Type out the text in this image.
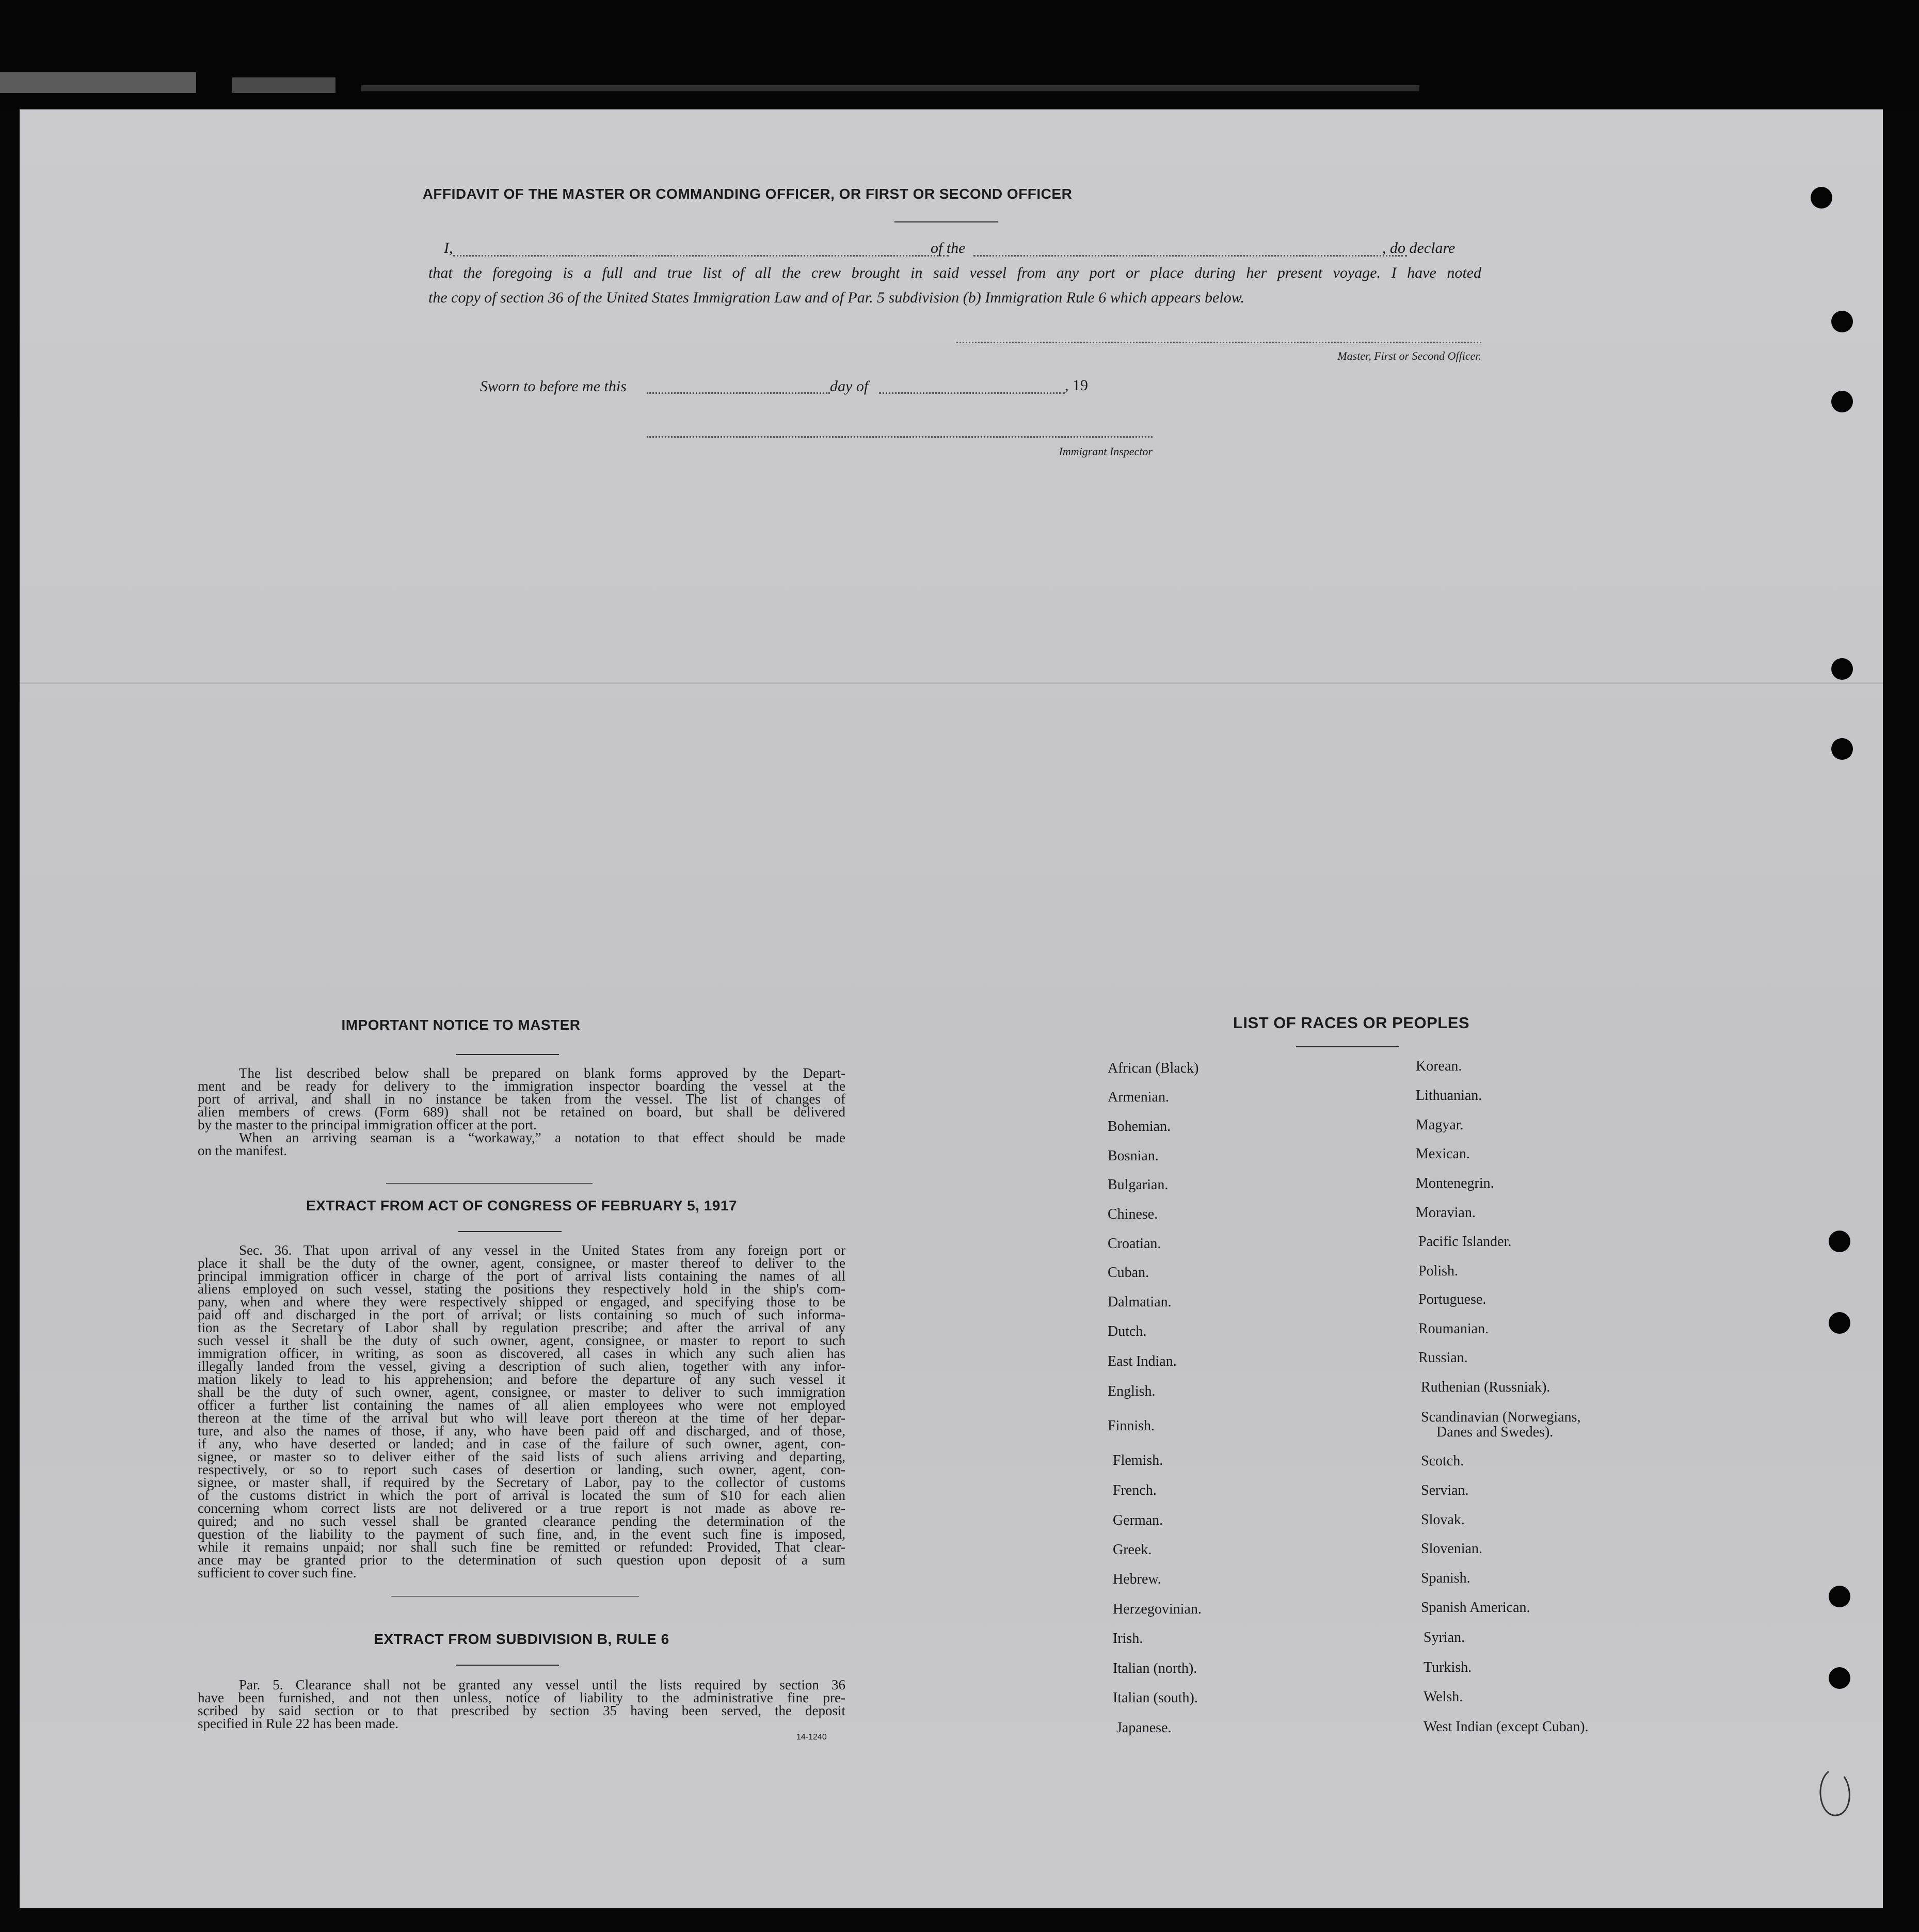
AFFIDAVIT OF THE MASTER OR COMMANDING OFFICER, OR FIRST OR SECOND OFFICER
I,	of the	, do declare
that the foregoing is a full and true list of all the crew brought in said vessel from any port or place during her present voyage. I have noted
the copy of section 36 of the United States Immigration Law and of Par. 5 subdivision (b) Immigration Rule 6 which appears below.
Master, First or Second Officer.
Sworn to before me this	day of	, 19
Immigrant Inspector
IMPORTANT NOTICE TO MASTER
The list described below shall be prepared on blank forms approved by the Depart-
ment and be ready for delivery to the immigration inspector boarding the vessel at the
port of arrival, and shall in no instance be taken from the vessel. The list of changes of
alien members of crews (Form 689) shall not be retained on board, but shall be delivered
by the master to the principal immigration officer at the port.
When an arriving seaman is a “workaway,” a notation to that effect should be made
on the manifest.
EXTRACT FROM ACT OF CONGRESS OF FEBRUARY 5, 1917
Sec. 36. That upon arrival of any vessel in the United States from any foreign port or
place it shall be the duty of the owner, agent, consignee, or master thereof to deliver to the
principal immigration officer in charge of the port of arrival lists containing the names of all
aliens employed on such vessel, stating the positions they respectively hold in the ship's com-
pany, when and where they were respectively shipped or engaged, and specifying those to be
paid off and discharged in the port of arrival; or lists containing so much of such informa-
tion as the Secretary of Labor shall by regulation prescribe; and after the arrival of any
such vessel it shall be the duty of such owner, agent, consignee, or master to report to such
immigration officer, in writing, as soon as discovered, all cases in which any such alien has
illegally landed from the vessel, giving a description of such alien, together with any infor-
mation likely to lead to his apprehension; and before the departure of any such vessel it
shall be the duty of such owner, agent, consignee, or master to deliver to such immigration
officer a further list containing the names of all alien employees who were not employed
thereon at the time of the arrival but who will leave port thereon at the time of her depar-
ture, and also the names of those, if any, who have been paid off and discharged, and of those,
if any, who have deserted or landed; and in case of the failure of such owner, agent, con-
signee, or master so to deliver either of the said lists of such aliens arriving and departing,
respectively, or so to report such cases of desertion or landing, such owner, agent, con-
signee, or master shall, if required by the Secretary of Labor, pay to the collector of customs
of the customs district in which the port of arrival is located the sum of $10 for each alien
concerning whom correct lists are not delivered or a true report is not made as above re-
quired; and no such vessel shall be granted clearance pending the determination of the
question of the liability to the payment of such fine, and, in the event such fine is imposed,
while it remains unpaid; nor shall such fine be remitted or refunded: Provided, That clear-
ance may be granted prior to the determination of such question upon deposit of a sum
sufficient to cover such fine.
EXTRACT FROM SUBDIVISION B, RULE 6
Par. 5. Clearance shall not be granted any vessel until the lists required by section 36
have been furnished, and not then unless, notice of liability to the administrative fine pre-
scribed by said section or to that prescribed by section 35 having been served, the deposit
specified in Rule 22 has been made.
14-1240
LIST OF RACES OR PEOPLES
African (Black)
Armenian.
Bohemian.
Bosnian.
Bulgarian.
Chinese.
Croatian.
Cuban.
Dalmatian.
Dutch.
East Indian.
English.
Finnish.
Flemish.
French.
German.
Greek.
Hebrew.
Herzegovinian.
Irish.
Italian (north).
Italian (south).
Japanese.
Korean.
Lithuanian.
Magyar.
Mexican.
Montenegrin.
Moravian.
Pacific Islander.
Polish.
Portuguese.
Roumanian.
Russian.
Ruthenian (Russniak).
Scandinavian (Norwegians,
Danes and Swedes).
Scotch.
Servian.
Slovak.
Slovenian.
Spanish.
Spanish American.
Syrian.
Turkish.
Welsh.
West Indian (except Cuban).
